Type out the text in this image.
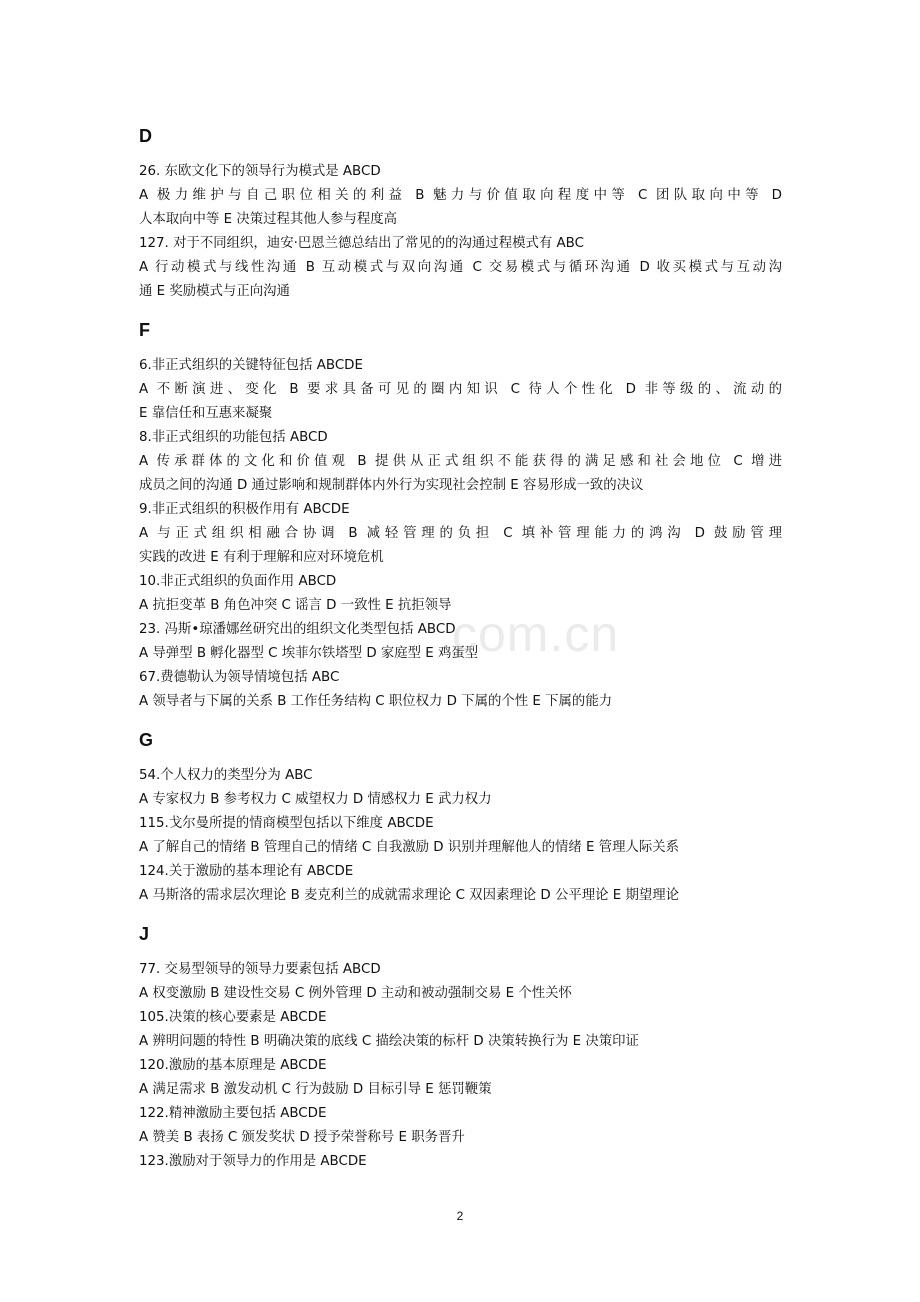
D
26. 东欧文化下的领导行为模式是 ABCD
A 极力维护与自己职位相关的利益 B 魅力与价值取向程度中等 C 团队取向中等 D
人本取向中等 E 决策过程其他人参与程度高
127. 对于不同组织，迪安·巴恩兰德总结出了常见的的沟通过程模式有 ABC
A 行动模式与线性沟通 B 互动模式与双向沟通 C 交易模式与循环沟通 D 收买模式与互动沟
通 E 奖励模式与正向沟通
F
6.非正式组织的关键特征包括 ABCDE
A 不断演进、变化 B 要求具备可见的圈内知识 C 待人个性化 D 非等级的、流动的
E 靠信任和互惠来凝聚
8.非正式组织的功能包括 ABCD
A 传承群体的文化和价值观 B 提供从正式组织不能获得的满足感和社会地位 C 增进
成员之间的沟通 D 通过影响和规制群体内外行为实现社会控制 E 容易形成一致的决议
9.非正式组织的积极作用有 ABCDE
A 与正式组织相融合协调 B 减轻管理的负担 C 填补管理能力的鸿沟 D 鼓励管理
实践的改进 E 有利于理解和应对环境危机
10.非正式组织的负面作用 ABCD
A 抗拒变革 B 角色冲突 C 谣言 D 一致性 E 抗拒领导
23. 冯斯•琼潘娜丝研究出的组织文化类型包括 ABCD
A 导弹型 B 孵化器型 C 埃菲尔铁塔型 D 家庭型 E 鸡蛋型
67.费德勒认为领导情境包括 ABC
A 领导者与下属的关系 B 工作任务结构 C 职位权力 D 下属的个性 E 下属的能力
G
54.个人权力的类型分为 ABC
A 专家权力 B 参考权力 C 威望权力 D 情感权力 E 武力权力
115.戈尔曼所提的情商模型包括以下维度 ABCDE
A 了解自己的情绪 B 管理自己的情绪 C 自我激励 D 识别并理解他人的情绪 E 管理人际关系
124.关于激励的基本理论有 ABCDE
A 马斯洛的需求层次理论 B 麦克利兰的成就需求理论 C 双因素理论 D 公平理论 E 期望理论
J
77. 交易型领导的领导力要素包括 ABCD
A 权变激励 B 建设性交易 C 例外管理 D 主动和被动强制交易 E 个性关怀
105.决策的核心要素是 ABCDE
A 辨明问题的特性 B 明确决策的底线 C 描绘决策的标杆 D 决策转换行为 E 决策印证
120.激励的基本原理是 ABCDE
A 满足需求 B 激发动机 C 行为鼓励 D 目标引导 E 惩罚鞭策
122.精神激励主要包括 ABCDE
A 赞美 B 表扬 C 颁发奖状 D 授予荣誉称号 E 职务晋升
123.激励对于领导力的作用是 ABCDE
com.cn
2
